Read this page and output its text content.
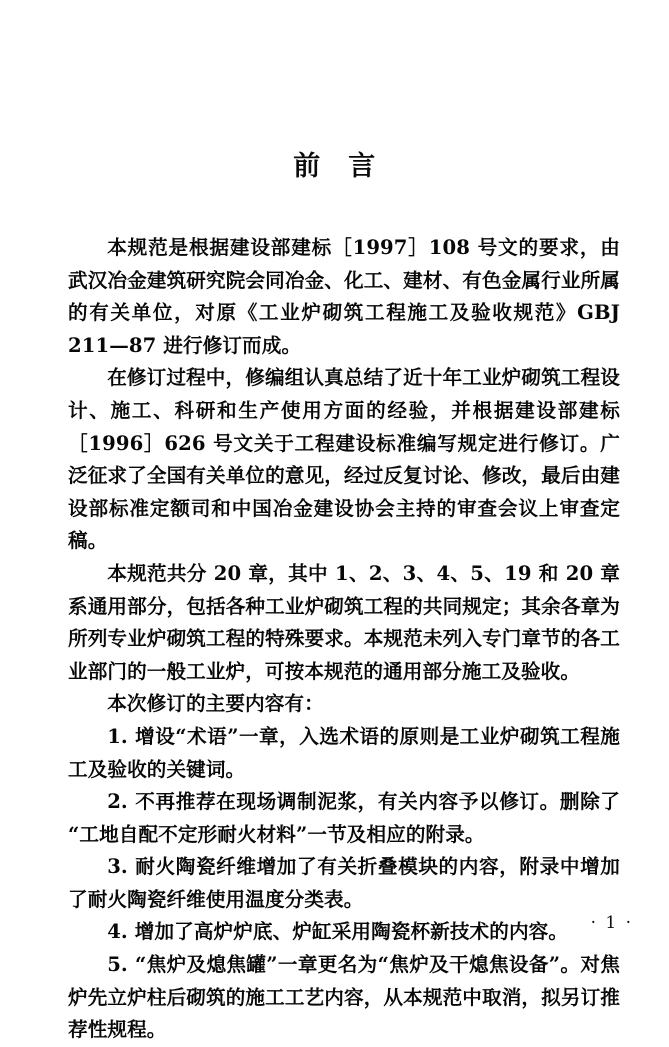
前　言

本规范是根据建设部建标［1997］108 号文的要求，由武汉冶金建筑研究院会同冶金、化工、建材、有色金属行业所属的有关单位，对原《工业炉砌筑工程施工及验收规范》GBJ 211—87 进行修订而成。

在修订过程中，修编组认真总结了近十年工业炉砌筑工程设计、施工、科研和生产使用方面的经验，并根据建设部建标［1996］626 号文关于工程建设标准编写规定进行修订。广泛征求了全国有关单位的意见，经过反复讨论、修改，最后由建设部标准定额司和中国冶金建设协会主持的审查会议上审查定稿。

本规范共分 20 章，其中 1、2、3、4、5、19 和 20 章系通用部分，包括各种工业炉砌筑工程的共同规定；其余各章为所列专业炉砌筑工程的特殊要求。本规范未列入专门章节的各工业部门的一般工业炉，可按本规范的通用部分施工及验收。

本次修订的主要内容有：

1. 增设“术语”一章，入选术语的原则是工业炉砌筑工程施工及验收的关键词。

2. 不再推荐在现场调制泥浆，有关内容予以修订。删除了“工地自配不定形耐火材料”一节及相应的附录。

3. 耐火陶瓷纤维增加了有关折叠模块的内容，附录中增加了耐火陶瓷纤维使用温度分类表。

4. 增加了高炉炉底、炉缸采用陶瓷杯新技术的内容。

5. “焦炉及熄焦罐”一章更名为“焦炉及干熄焦设备”。对焦炉先立炉柱后砌筑的施工工艺内容，从本规范中取消，拟另订推荐性规程。

· 1 ·
